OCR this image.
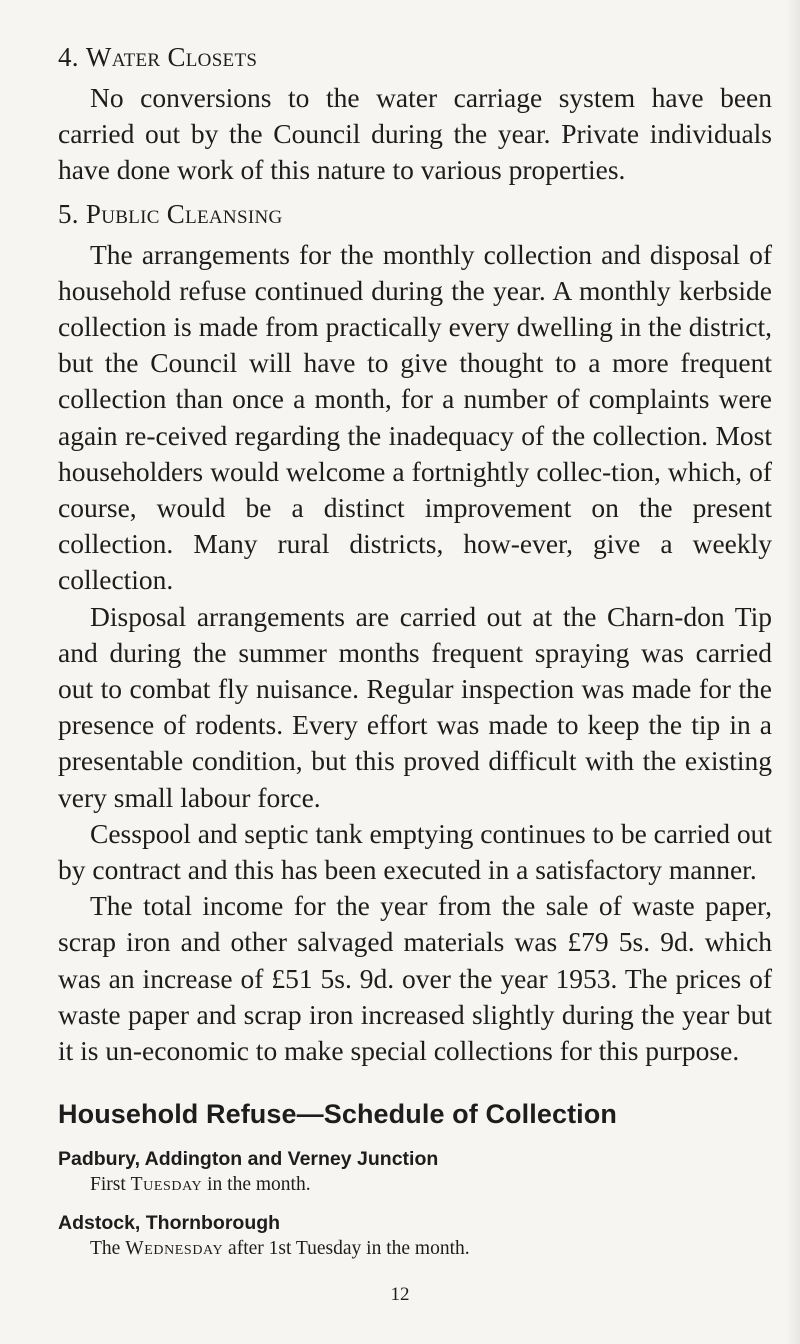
4. Water Closets

No conversions to the water carriage system have been carried out by the Council during the year. Private individuals have done work of this nature to various properties.

5. Public Cleansing

The arrangements for the monthly collection and disposal of household refuse continued during the year. A monthly kerbside collection is made from practically every dwelling in the district, but the Council will have to give thought to a more frequent collection than once a month, for a number of complaints were again re-ceived regarding the inadequacy of the collection. Most householders would welcome a fortnightly collec-tion, which, of course, would be a distinct improvement on the present collection. Many rural districts, how-ever, give a weekly collection.

Disposal arrangements are carried out at the Charn-don Tip and during the summer months frequent spraying was carried out to combat fly nuisance. Regular inspection was made for the presence of rodents. Every effort was made to keep the tip in a presentable condition, but this proved difficult with the existing very small labour force.

Cesspool and septic tank emptying continues to be carried out by contract and this has been executed in a satisfactory manner.

The total income for the year from the sale of waste paper, scrap iron and other salvaged materials was £79 5s. 9d. which was an increase of £51 5s. 9d. over the year 1953. The prices of waste paper and scrap iron increased slightly during the year but it is un-economic to make special collections for this purpose.

Household Refuse—Schedule of Collection
Padbury, Addington and Verney Junction
First Tuesday in the month.
Adstock, Thornborough
The Wednesday after 1st Tuesday in the month.
12
